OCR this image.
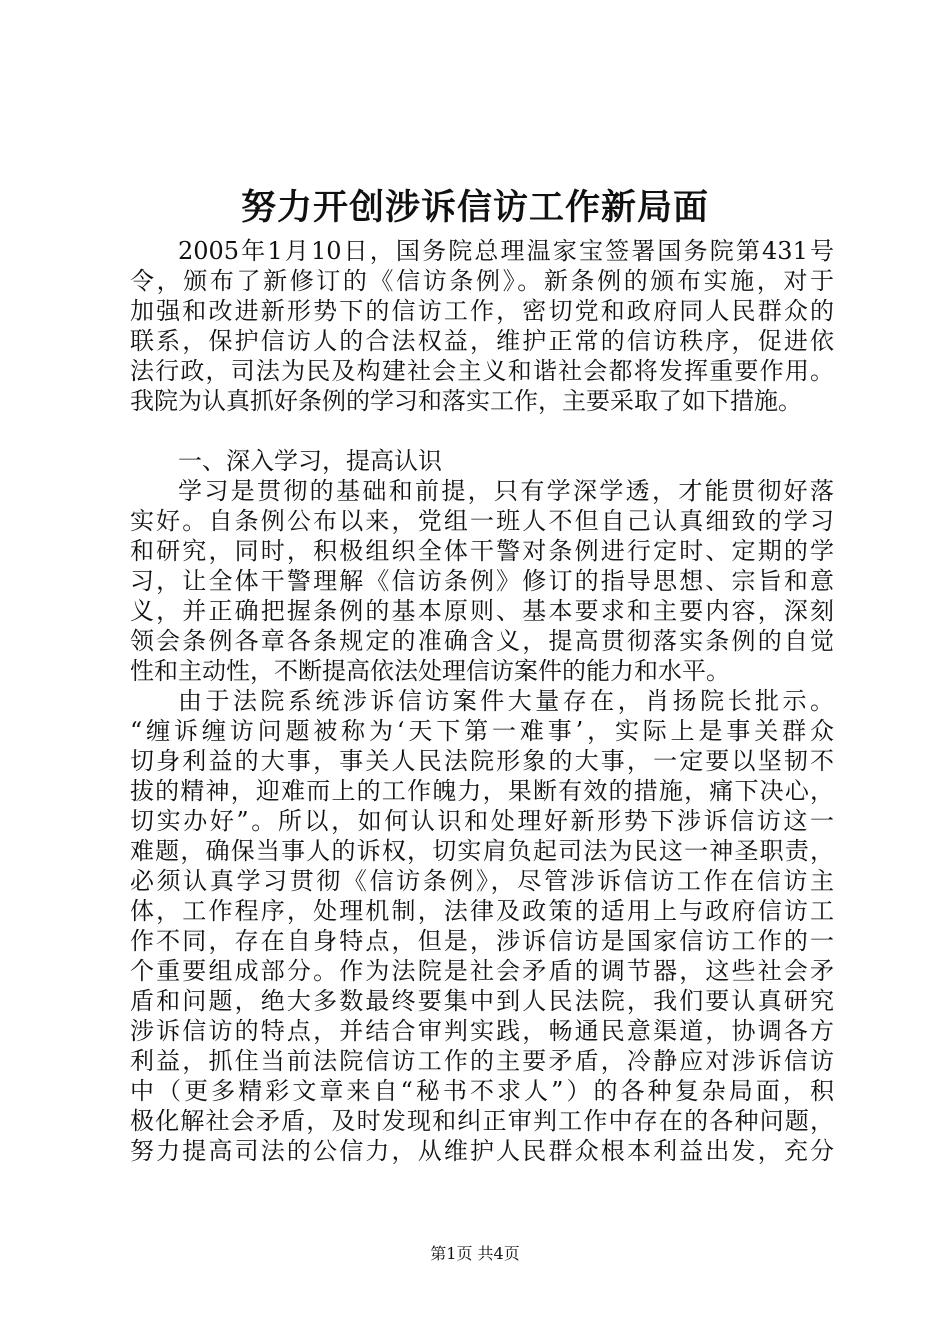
努力开创涉诉信访工作新局面
2005年1月10日，国务院总理温家宝签署国务院第431号
令，颁布了新修订的《信访条例》。新条例的颁布实施，对于
加强和改进新形势下的信访工作，密切党和政府同人民群众的
联系，保护信访人的合法权益，维护正常的信访秩序，促进依
法行政，司法为民及构建社会主义和谐社会都将发挥重要作用。
我院为认真抓好条例的学习和落实工作，主要采取了如下措施。
一、深入学习，提高认识
学习是贯彻的基础和前提，只有学深学透，才能贯彻好落
实好。自条例公布以来，党组一班人不但自己认真细致的学习
和研究，同时，积极组织全体干警对条例进行定时、定期的学
习，让全体干警理解《信访条例》修订的指导思想、宗旨和意
义，并正确把握条例的基本原则、基本要求和主要内容，深刻
领会条例各章各条规定的准确含义，提高贯彻落实条例的自觉
性和主动性，不断提高依法处理信访案件的能力和水平。
由于法院系统涉诉信访案件大量存在，肖扬院长批示。
“缠诉缠访问题被称为‘天下第一难事’，实际上是事关群众
切身利益的大事，事关人民法院形象的大事，一定要以坚韧不
拔的精神，迎难而上的工作魄力，果断有效的措施，痛下决心，
切实办好”。所以，如何认识和处理好新形势下涉诉信访这一
难题，确保当事人的诉权，切实肩负起司法为民这一神圣职责，
必须认真学习贯彻《信访条例》，尽管涉诉信访工作在信访主
体，工作程序，处理机制，法律及政策的适用上与政府信访工
作不同，存在自身特点，但是，涉诉信访是国家信访工作的一
个重要组成部分。作为法院是社会矛盾的调节器，这些社会矛
盾和问题，绝大多数最终要集中到人民法院，我们要认真研究
涉诉信访的特点，并结合审判实践，畅通民意渠道，协调各方
利益，抓住当前法院信访工作的主要矛盾，冷静应对涉诉信访
中（更多精彩文章来自“秘书不求人”）的各种复杂局面，积
极化解社会矛盾，及时发现和纠正审判工作中存在的各种问题，
努力提高司法的公信力，从维护人民群众根本利益出发，充分
第1页 共4页
